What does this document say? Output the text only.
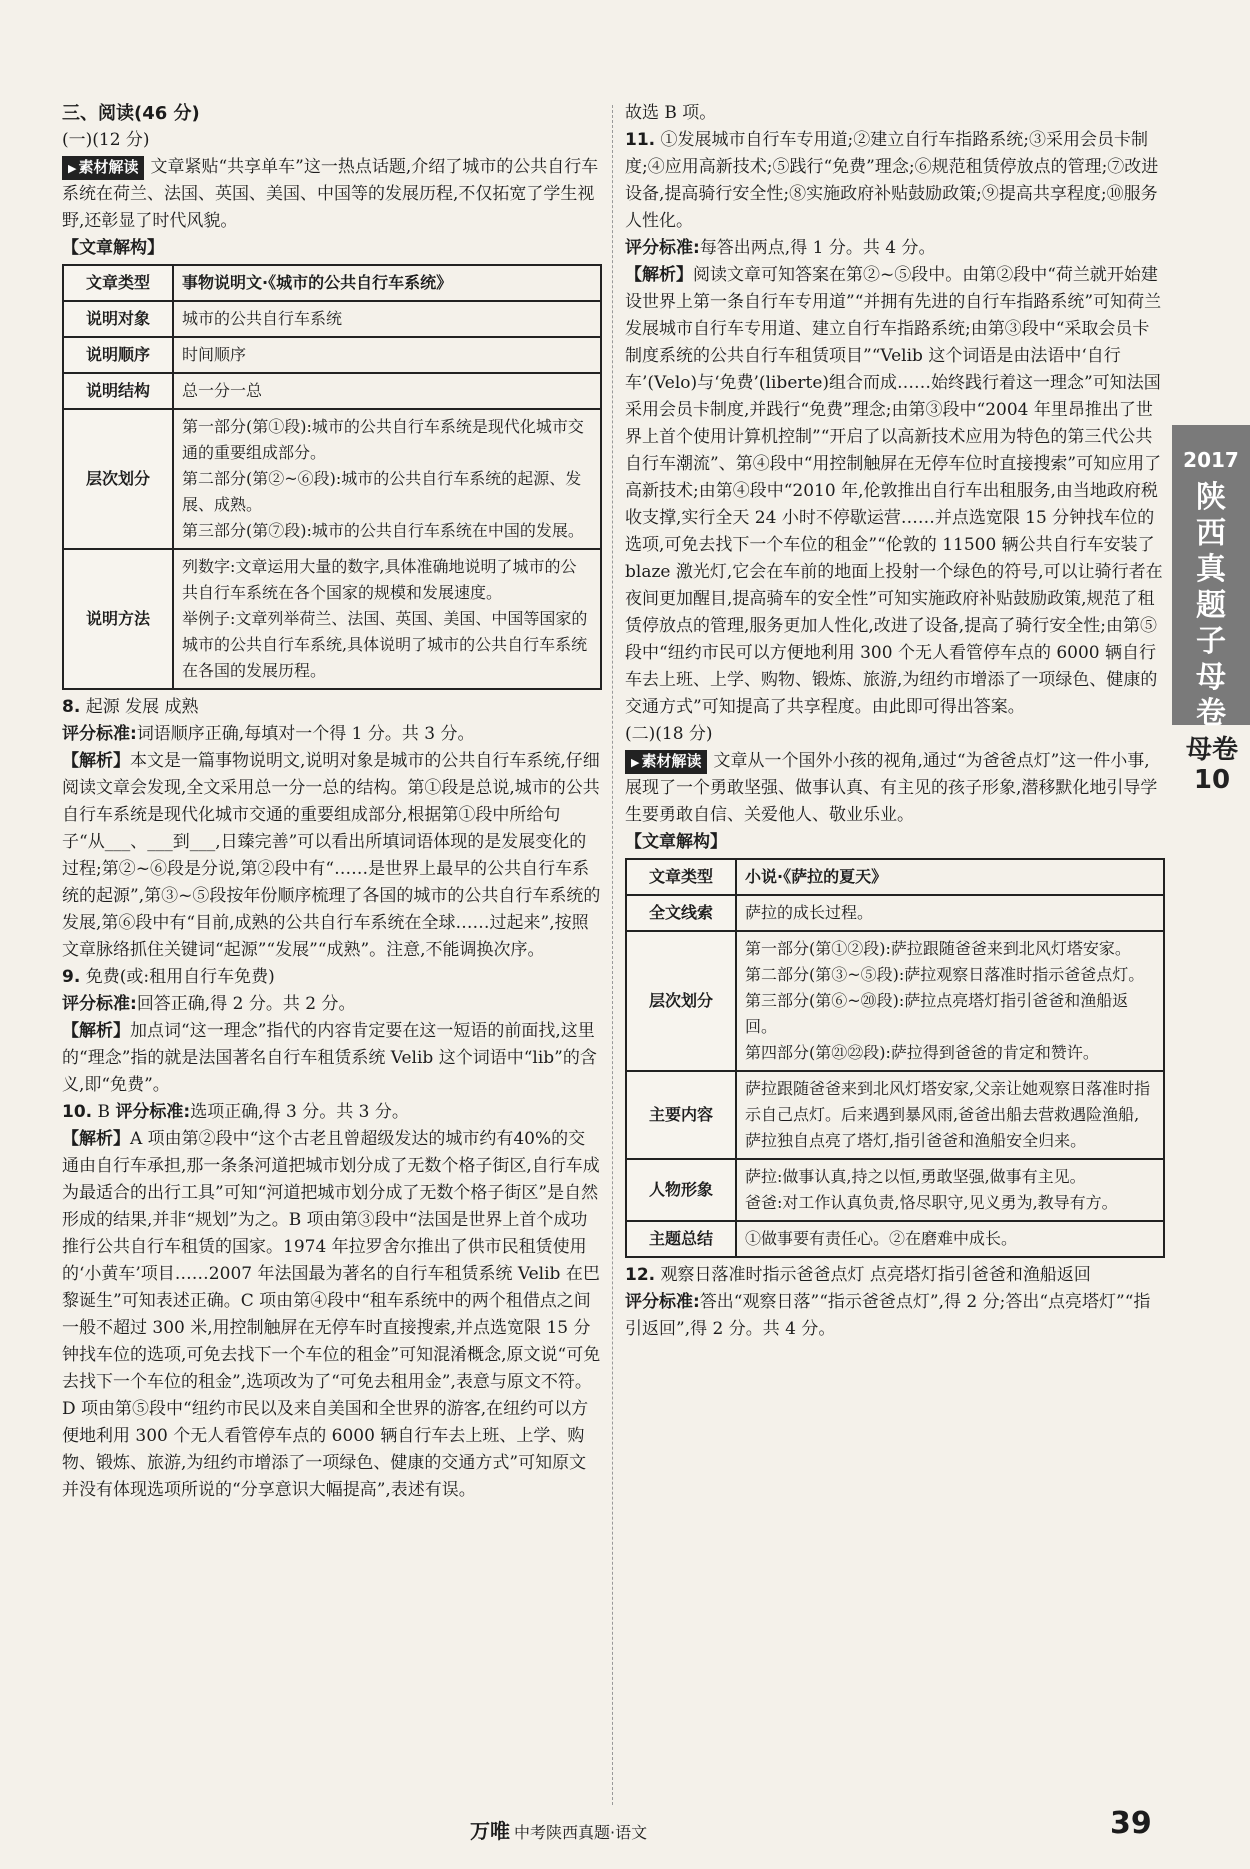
三、阅读(46 分)
(一)(12 分)
▶ 素材解读 文章紧贴“共享单车”这一热点话题,介绍了城市的公共自行车系统在荷兰、法国、英国、美国、中国等的发展历程,不仅拓宽了学生视野,还彰显了时代风貌。
【文章解构】
文章类型	事物说明文·《城市的公共自行车系统》
说明对象	城市的公共自行车系统
说明顺序	时间顺序
说明结构	总一分一总
层次划分	第一部分(第①段):城市的公共自行车系统是现代化城市交通的重要组成部分。

第二部分(第②~⑥段):城市的公共自行车系统的起源、发展、成熟。

第三部分(第⑦段):城市的公共自行车系统在中国的发展。

说明方法	列数字:文章运用大量的数字,具体准确地说明了城市的公共自行车系统在各个国家的规模和发展速度。

举例子:文章列举荷兰、法国、英国、美国、中国等国家的城市的公共自行车系统,具体说明了城市的公共自行车系统在各国的发展历程。

8. 起源 发展 成熟

评分标准:词语顺序正确,每填对一个得 1 分。共 3 分。

【解析】本文是一篇事物说明文,说明对象是城市的公共自行车系统,仔细阅读文章会发现,全文采用总一分一总的结构。第①段是总说,城市的公共自行车系统是现代化城市交通的重要组成部分,根据第①段中所给句子“从___、___到___,日臻完善”可以看出所填词语体现的是发展变化的过程;第②~⑥段是分说,第②段中有“……是世界上最早的公共自行车系统的起源”,第③~⑤段按年份顺序梳理了各国的城市的公共自行车系统的发展,第⑥段中有“目前,成熟的公共自行车系统在全球……过起来”,按照文章脉络抓住关键词“起源”“发展”“成熟”。注意,不能调换次序。

9. 免费(或:租用自行车免费)

评分标准:回答正确,得 2 分。共 2 分。

【解析】加点词“这一理念”指代的内容肯定要在这一短语的前面找,这里的“理念”指的就是法国著名自行车租赁系统 Velib 这个词语中“lib”的含义,即“免费”。

10. B 评分标准:选项正确,得 3 分。共 3 分。

【解析】A 项由第②段中“这个古老且曾超级发达的城市约有40%的交通由自行车承担,那一条条河道把城市划分成了无数个格子街区,自行车成为最适合的出行工具”可知“河道把城市划分成了无数个格子街区”是自然形成的结果,并非“规划”为之。B 项由第③段中“法国是世界上首个成功推行公共自行车租赁的国家。1974 年拉罗舍尔推出了供市民租赁使用的‘小黄车’项目……2007 年法国最为著名的自行车租赁系统 Velib 在巴黎诞生”可知表述正确。C 项由第④段中“租车系统中的两个租借点之间一般不超过 300 米,用控制触屏在无停车时直接搜索,并点选宽限 15 分钟找车位的选项,可免去找下一个车位的租金”可知混淆概念,原文说“可免去找下一个车位的租金”,选项改为了“可免去租用金”,表意与原文不符。D 项由第⑤段中“纽约市民以及来自美国和全世界的游客,在纽约可以方便地利用 300 个无人看管停车点的 6000 辆自行车去上班、上学、购物、锻炼、旅游,为纽约市增添了一项绿色、健康的交通方式”可知原文并没有体现选项所说的“分享意识大幅提高”,表述有误。

故选 B 项。

11. ①发展城市自行车专用道;②建立自行车指路系统;③采用会员卡制度;④应用高新技术;⑤践行“免费”理念;⑥规范租赁停放点的管理;⑦改进设备,提高骑行安全性;⑧实施政府补贴鼓励政策;⑨提高共享程度;⑩服务人性化。

评分标准:每答出两点,得 1 分。共 4 分。

【解析】阅读文章可知答案在第②~⑤段中。由第②段中“荷兰就开始建设世界上第一条自行车专用道”“并拥有先进的自行车指路系统”可知荷兰发展城市自行车专用道、建立自行车指路系统;由第③段中“采取会员卡制度系统的公共自行车租赁项目”“Velib 这个词语是由法语中‘自行车’(Velo)与‘免费’(liberte)组合而成……始终践行着这一理念”可知法国采用会员卡制度,并践行“免费”理念;由第③段中“2004 年里昂推出了世界上首个使用计算机控制”“开启了以高新技术应用为特色的第三代公共自行车潮流”、第④段中“用控制触屏在无停车位时直接搜索”可知应用了高新技术;由第④段中“2010 年,伦敦推出自行车出租服务,由当地政府税收支撑,实行全天 24 小时不停歇运营……并点选宽限 15 分钟找车位的选项,可免去找下一个车位的租金”“伦敦的 11500 辆公共自行车安装了 blaze 激光灯,它会在车前的地面上投射一个绿色的符号,可以让骑行者在夜间更加醒目,提高骑车的安全性”可知实施政府补贴鼓励政策,规范了租赁停放点的管理,服务更加人性化,改进了设备,提高了骑行安全性;由第⑤段中“纽约市民可以方便地利用 300 个无人看管停车点的 6000 辆自行车去上班、上学、购物、锻炼、旅游,为纽约市增添了一项绿色、健康的交通方式”可知提高了共享程度。由此即可得出答案。

(二)(18 分)
▶ 素材解读 文章从一个国外小孩的视角,通过“为爸爸点灯”这一件小事,展现了一个勇敢坚强、做事认真、有主见的孩子形象,潜移默化地引导学生要勇敢自信、关爱他人、敬业乐业。
【文章解构】
文章类型	小说·《萨拉的夏天》
全文线索	萨拉的成长过程。
层次划分	第一部分(第①②段):萨拉跟随爸爸来到北风灯塔安家。

第二部分(第③~⑤段):萨拉观察日落准时指示爸爸点灯。

第三部分(第⑥~⑳段):萨拉点亮塔灯指引爸爸和渔船返回。

第四部分(第㉑㉒段):萨拉得到爸爸的肯定和赞许。

主要内容	萨拉跟随爸爸来到北风灯塔安家,父亲让她观察日落准时指示自己点灯。后来遇到暴风雨,爸爸出船去营救遇险渔船,萨拉独自点亮了塔灯,指引爸爸和渔船安全归来。
人物形象	萨拉:做事认真,持之以恒,勇敢坚强,做事有主见。

爸爸:对工作认真负责,恪尽职守,见义勇为,教导有方。

主题总结	①做事要有责任心。②在磨难中成长。

12. 观察日落准时指示爸爸点灯 点亮塔灯指引爸爸和渔船返回

评分标准:答出“观察日落”“指示爸爸点灯”,得 2 分;答出“点亮塔灯”“指引返回”,得 2 分。共 4 分。

2017
陕西真题子母卷
母卷10
万唯 中考陕西真题·语文	39
